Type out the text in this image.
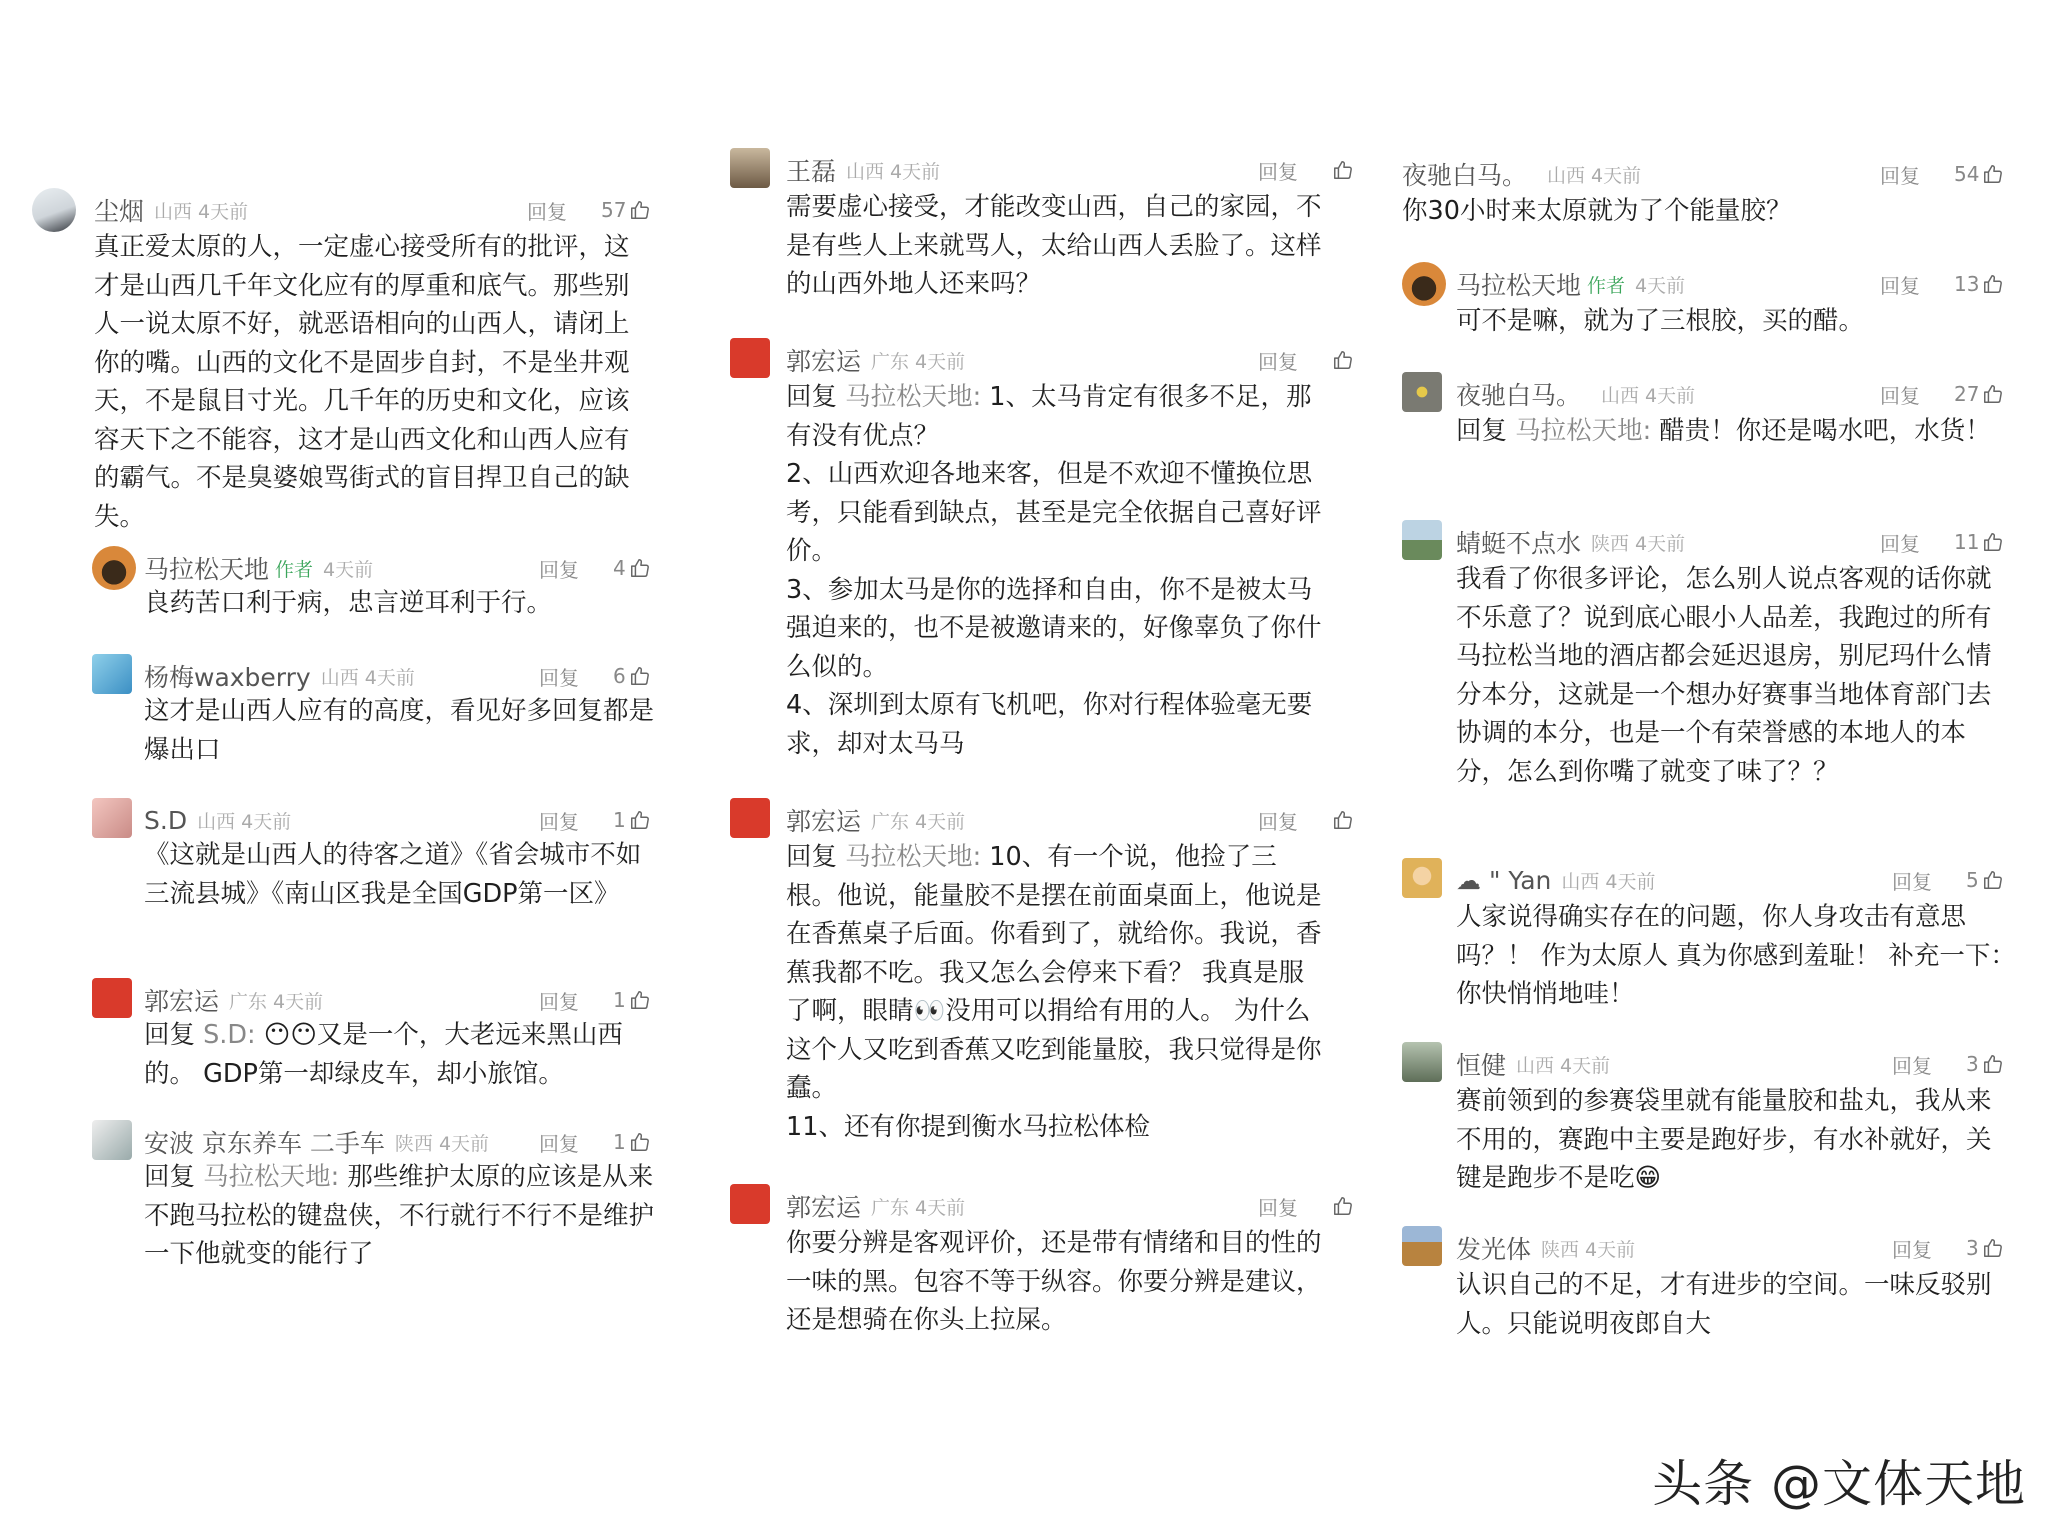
尘烟 山西 4天前	回复 57
真正爱太原的人，一定虚心接受所有的批评，这才是山西几千年文化应有的厚重和底气。那些别人一说太原不好，就恶语相向的山西人，请闭上你的嘴。山西的文化不是固步自封，不是坐井观天，不是鼠目寸光。几千年的历史和文化，应该容天下之不能容，这才是山西文化和山西人应有的霸气。不是臭婆娘骂街式的盲目捍卫自己的缺失。
马拉松天地 作者 4天前	回复 4
良药苦口利于病，忠言逆耳利于行。
杨梅waxberry 山西 4天前	回复 6
这才是山西人应有的高度，看见好多回复都是爆出口
S.D 山西 4天前	回复 1
《这就是山西人的待客之道》《省会城市不如三流县城》《南山区我是全国GDP第一区》
郭宏运 广东 4天前	回复 1
回复 S.D: 😶😶又是一个，大老远来黑山西的。 GDP第一却绿皮车，却小旅馆。
安波 京东养车 二手车 陕西 4天前 回复 1
回复 马拉松天地: 那些维护太原的应该是从来不跑马拉松的键盘侠，不行就行不行不是维护一下他就变的能行了
王磊 山西 4天前	回复
需要虚心接受，才能改变山西，自己的家园，不是有些人上来就骂人，太给山西人丢脸了。这样的山西外地人还来吗？
郭宏运 广东 4天前	回复
回复 马拉松天地: 1、太马肯定有很多不足，那有没有优点？
2、山西欢迎各地来客，但是不欢迎不懂换位思考，只能看到缺点，甚至是完全依据自己喜好评价。
3、参加太马是你的选择和自由，你不是被太马强迫来的，也不是被邀请来的，好像辜负了你什么似的。
4、深圳到太原有飞机吧，你对行程体验毫无要求，却对太马马
郭宏运 广东 4天前	回复
回复 马拉松天地: 10、有一个说，他捡了三根。他说，能量胶不是摆在前面桌面上，他说是在香蕉桌子后面。你看到了，就给你。我说，香蕉我都不吃。我又怎么会停来下看？ 我真是服了啊，眼睛👀没用可以捐给有用的人。 为什么这个人又吃到香蕉又吃到能量胶，我只觉得是你蠢。
11、还有你提到衡水马拉松体检
郭宏运 广东 4天前	回复
你要分辨是客观评价，还是带有情绪和目的性的一味的黑。包容不等于纵容。你要分辨是建议，还是想骑在你头上拉屎。
夜驰白马。 山西 4天前	回复 54
你30小时来太原就为了个能量胶？
马拉松天地 作者 4天前	回复 13
可不是嘛，就为了三根胶，买的醋。
夜驰白马。 山西 4天前	回复 27
回复 马拉松天地: 醋贵！你还是喝水吧，水货！
蜻蜓不点水 陕西 4天前	回复 11
我看了你很多评论，怎么别人说点客观的话你就不乐意了？说到底心眼小人品差，我跑过的所有马拉松当地的酒店都会延迟退房，别尼玛什么情分本分，这就是一个想办好赛事当地体育部门去协调的本分，也是一个有荣誉感的本地人的本分，怎么到你嘴了就变了味了？？
☁ " Yan 山西 4天前	回复 5
人家说得确实存在的问题，你人身攻击有意思吗？！ 作为太原人 真为你感到羞耻！ 补充一下：你快悄悄地哇！
恒健 山西 4天前	回复 3
赛前领到的参赛袋里就有能量胶和盐丸，我从来不用的，赛跑中主要是跑好步，有水补就好，关键是跑步不是吃😁
发光体 陕西 4天前	回复 3
认识自己的不足，才有进步的空间。一味反驳别人。只能说明夜郎自大
头条 @文体天地
